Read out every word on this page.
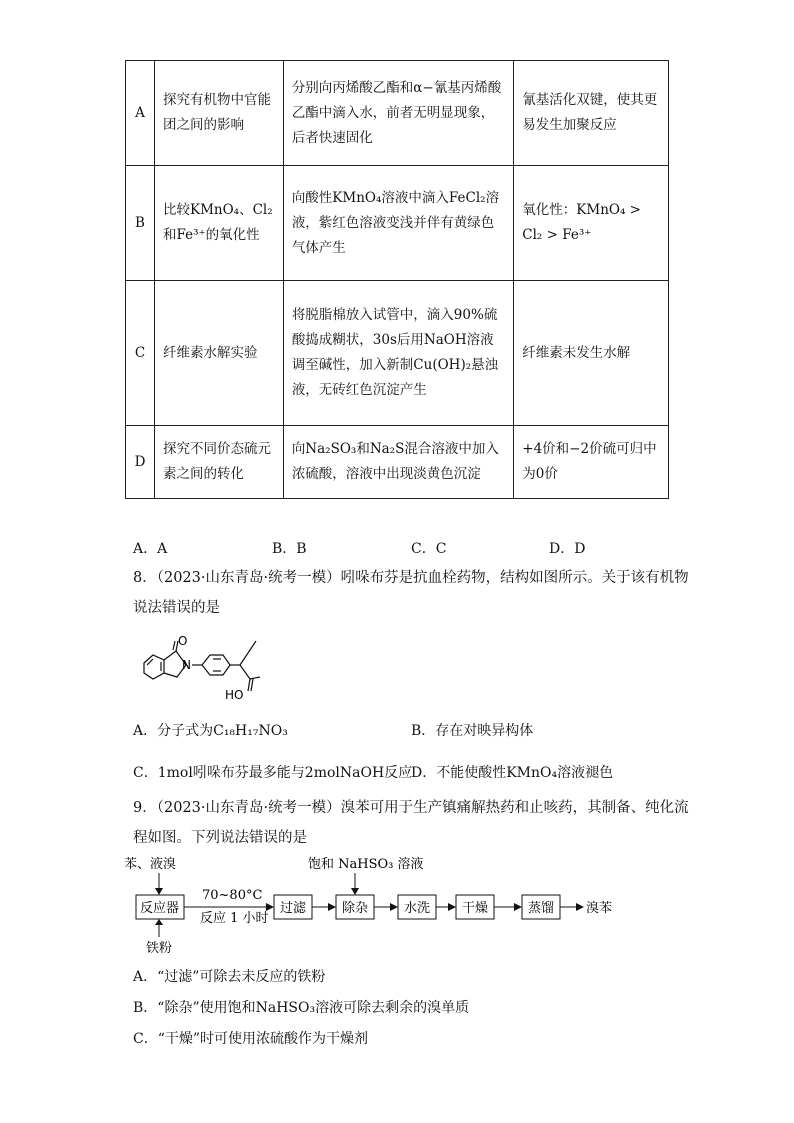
A	探究有机物中官能团之间的影响	分别向丙烯酸乙酯和α−氰基丙烯酸乙酯中滴入水，前者无明显现象，后者快速固化	氰基活化双键，使其更易发生加聚反应
B	比较KMnO₄、Cl₂和Fe³⁺的氧化性	向酸性KMnO₄溶液中滴入FeCl₂溶液，紫红色溶液变浅并伴有黄绿色气体产生	氧化性：KMnO₄ > Cl₂ > Fe³⁺
C	纤维素水解实验	将脱脂棉放入试管中，滴入90%硫酸捣成糊状，30s后用NaOH溶液调至碱性，加入新制Cu(OH)₂悬浊液，无砖红色沉淀产生	纤维素未发生水解
D	探究不同价态硫元素之间的转化	向Na₂SO₃和Na₂S混合溶液中加入浓硫酸，溶液中出现淡黄色沉淀	+4价和−2价硫可归中为0价
A．A	B．B	C．C	D．D
8．（2023·山东青岛·统考一模）吲哚布芬是抗血栓药物，结构如图所示。关于该有机物
说法错误的是
O
N
HO
A．分子式为C₁₈H₁₇NO₃	B．存在对映异构体
C．1mol吲哚布芬最多能与2molNaOH反应
D．不能使酸性KMnO₄溶液褪色
9．（2023·山东青岛·统考一模）溴苯可用于生产镇痛解热药和止咳药，其制备、纯化流
程如图。下列说法错误的是
苯、液溴
反应器
铁粉
70~80°C
反应 1 小时
过滤
饱和 NaHSO₃ 溶液
除杂	水洗 干燥	蒸馏 溴苯
A．“过滤”可除去未反应的铁粉
B．“除杂”使用饱和NaHSO₃溶液可除去剩余的溴单质
C．“干燥”时可使用浓硫酸作为干燥剂
